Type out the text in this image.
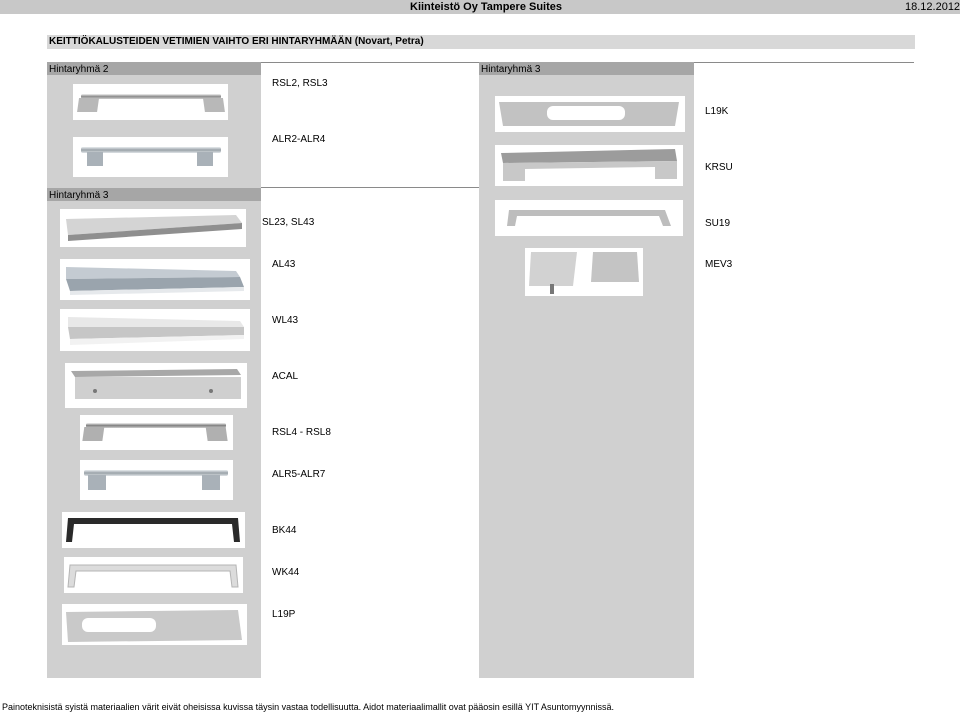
Kiinteistö Oy Tampere Suites	18.12.2012
KEITTIÖKALUSTEIDEN VETIMIEN VAIHTO ERI HINTARYHMÄÄN (Novart, Petra)
Hintaryhmä 2
Hintaryhmä 3
Hintaryhmä 3
RSL2, RSL3
ALR2-ALR4
SL23, SL43
AL43
WL43
ACAL
RSL4 - RSL8
ALR5-ALR7
BK44
WK44
L19P
L19K
KRSU
SU19
MEV3
Painoteknisistä syistä materiaalien värit eivät oheisissa kuvissa täysin vastaa todellisuutta. Aidot materiaalimallit ovat pääosin esillä YIT Asuntomyynnissä.
